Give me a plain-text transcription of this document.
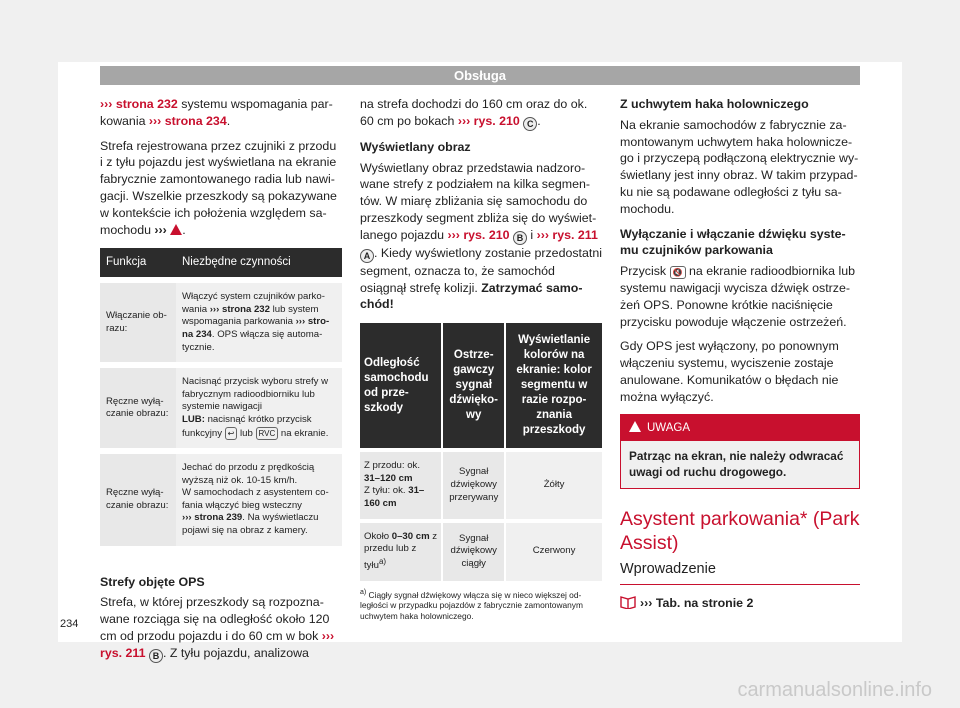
Obsługa

››› strona 232 systemu wspomagania parkowania ››› strona 234.

Strefa rejestrowana przez czujniki z przodu i z tyłu pojazdu jest wyświetlana na ekranie fabrycznie zamontowanego radia lub nawigacji. Wszelkie przeszkody są pokazywane w kontekście ich położenia względem samochodu ››› .

Funkcja	Niezbędne czynności
Włączanie obrazu:	Włączyć system czujników parkowania ››› strona 232 lub system wspomagania parkowania ››› strona 234. OPS włącza się automatycznie.
Ręczne wyłączanie obrazu:	Nacisnąć przycisk wyboru strefy w fabrycznym radioodbiorniku lub systemie nawigacji
LUB: nacisnąć krótko przycisk funkcyjny ↩ lub RVC na ekranie.
Ręczne wyłączanie obrazu:	Jechać do przodu z prędkością wyższą niż ok. 10-15 km/h.
W samochodach z asystentem cofania włączyć bieg wsteczny
››› strona 239. Na wyświetlaczu pojawi się na obraz z kamery.

Strefy objęte OPS

Strefa, w której przeszkody są rozpoznawane rozciąga się na odległość około 120 cm od przodu pojazdu i do 60 cm w bok ››› rys. 211 B . Z tyłu pojazdu, analizowa

na strefa dochodzi do 160 cm oraz do ok. 60 cm po bokach ››› rys. 210 C .

Wyświetlany obraz

Wyświetlany obraz przedstawia nadzorowane strefy z podziałem na kilka segmentów. W miarę zbliżania się samochodu do przeszkody segment zbliża się do wyświetlanego pojazdu ››› rys. 210 B i ››› rys. 211 A . Kiedy wyświetlony zostanie przedostatni segment, oznacza to, że samochód osiągnął strefę kolizji. Zatrzymać samochód!

Odległość samochodu od przeszkody	Ostrzegawczy sygnał dźwiękowy	Wyświetlanie kolorów na ekranie: kolor segmentu w razie rozpoznania przeszkody
Z przodu: ok.
31–120 cm
Z tyłu: ok. 31–160 cm	Sygnał dźwiękowy przerywany	Żółty
Około 0–30 cm z przedu lub z tyłu$^{a)}$	Sygnał dźwiękowy ciągły	Czerwony

$^{a)}$ Ciągły sygnał dźwiękowy włącza się w nieco większej odległości w przypadku pojazdów z fabrycznie zamontowanym uchwytem haka holowniczego.

Z uchwytem haka holowniczego

Na ekranie samochodów z fabrycznie zamontowanym uchwytem haka holowniczego i przyczepą podłączoną elektrycznie wyświetlany jest inny obraz. W takim przypadku nie są podawane odległości z tyłu samochodu.

Wyłączanie i włączanie dźwięku systemu czujników parkowania

Przycisk 🔇 na ekranie radioodbiornika lub systemu nawigacji wycisza dźwięk ostrzeżeń OPS. Ponowne krótkie naciśnięcie przycisku powoduje włączenie ostrzeżeń.

Gdy OPS jest wyłączony, po ponownym włączeniu systemu, wyciszenie zostaje anulowane. Komunikatów o błędach nie można wyłączyć.

UWAGA
Patrząc na ekran, nie należy odwracać uwagi od ruchu drogowego.
Asystent parkowania* (Park Assist)
Wprowadzenie

››› Tab. na stronie 2

234
carmanualsonline.info
